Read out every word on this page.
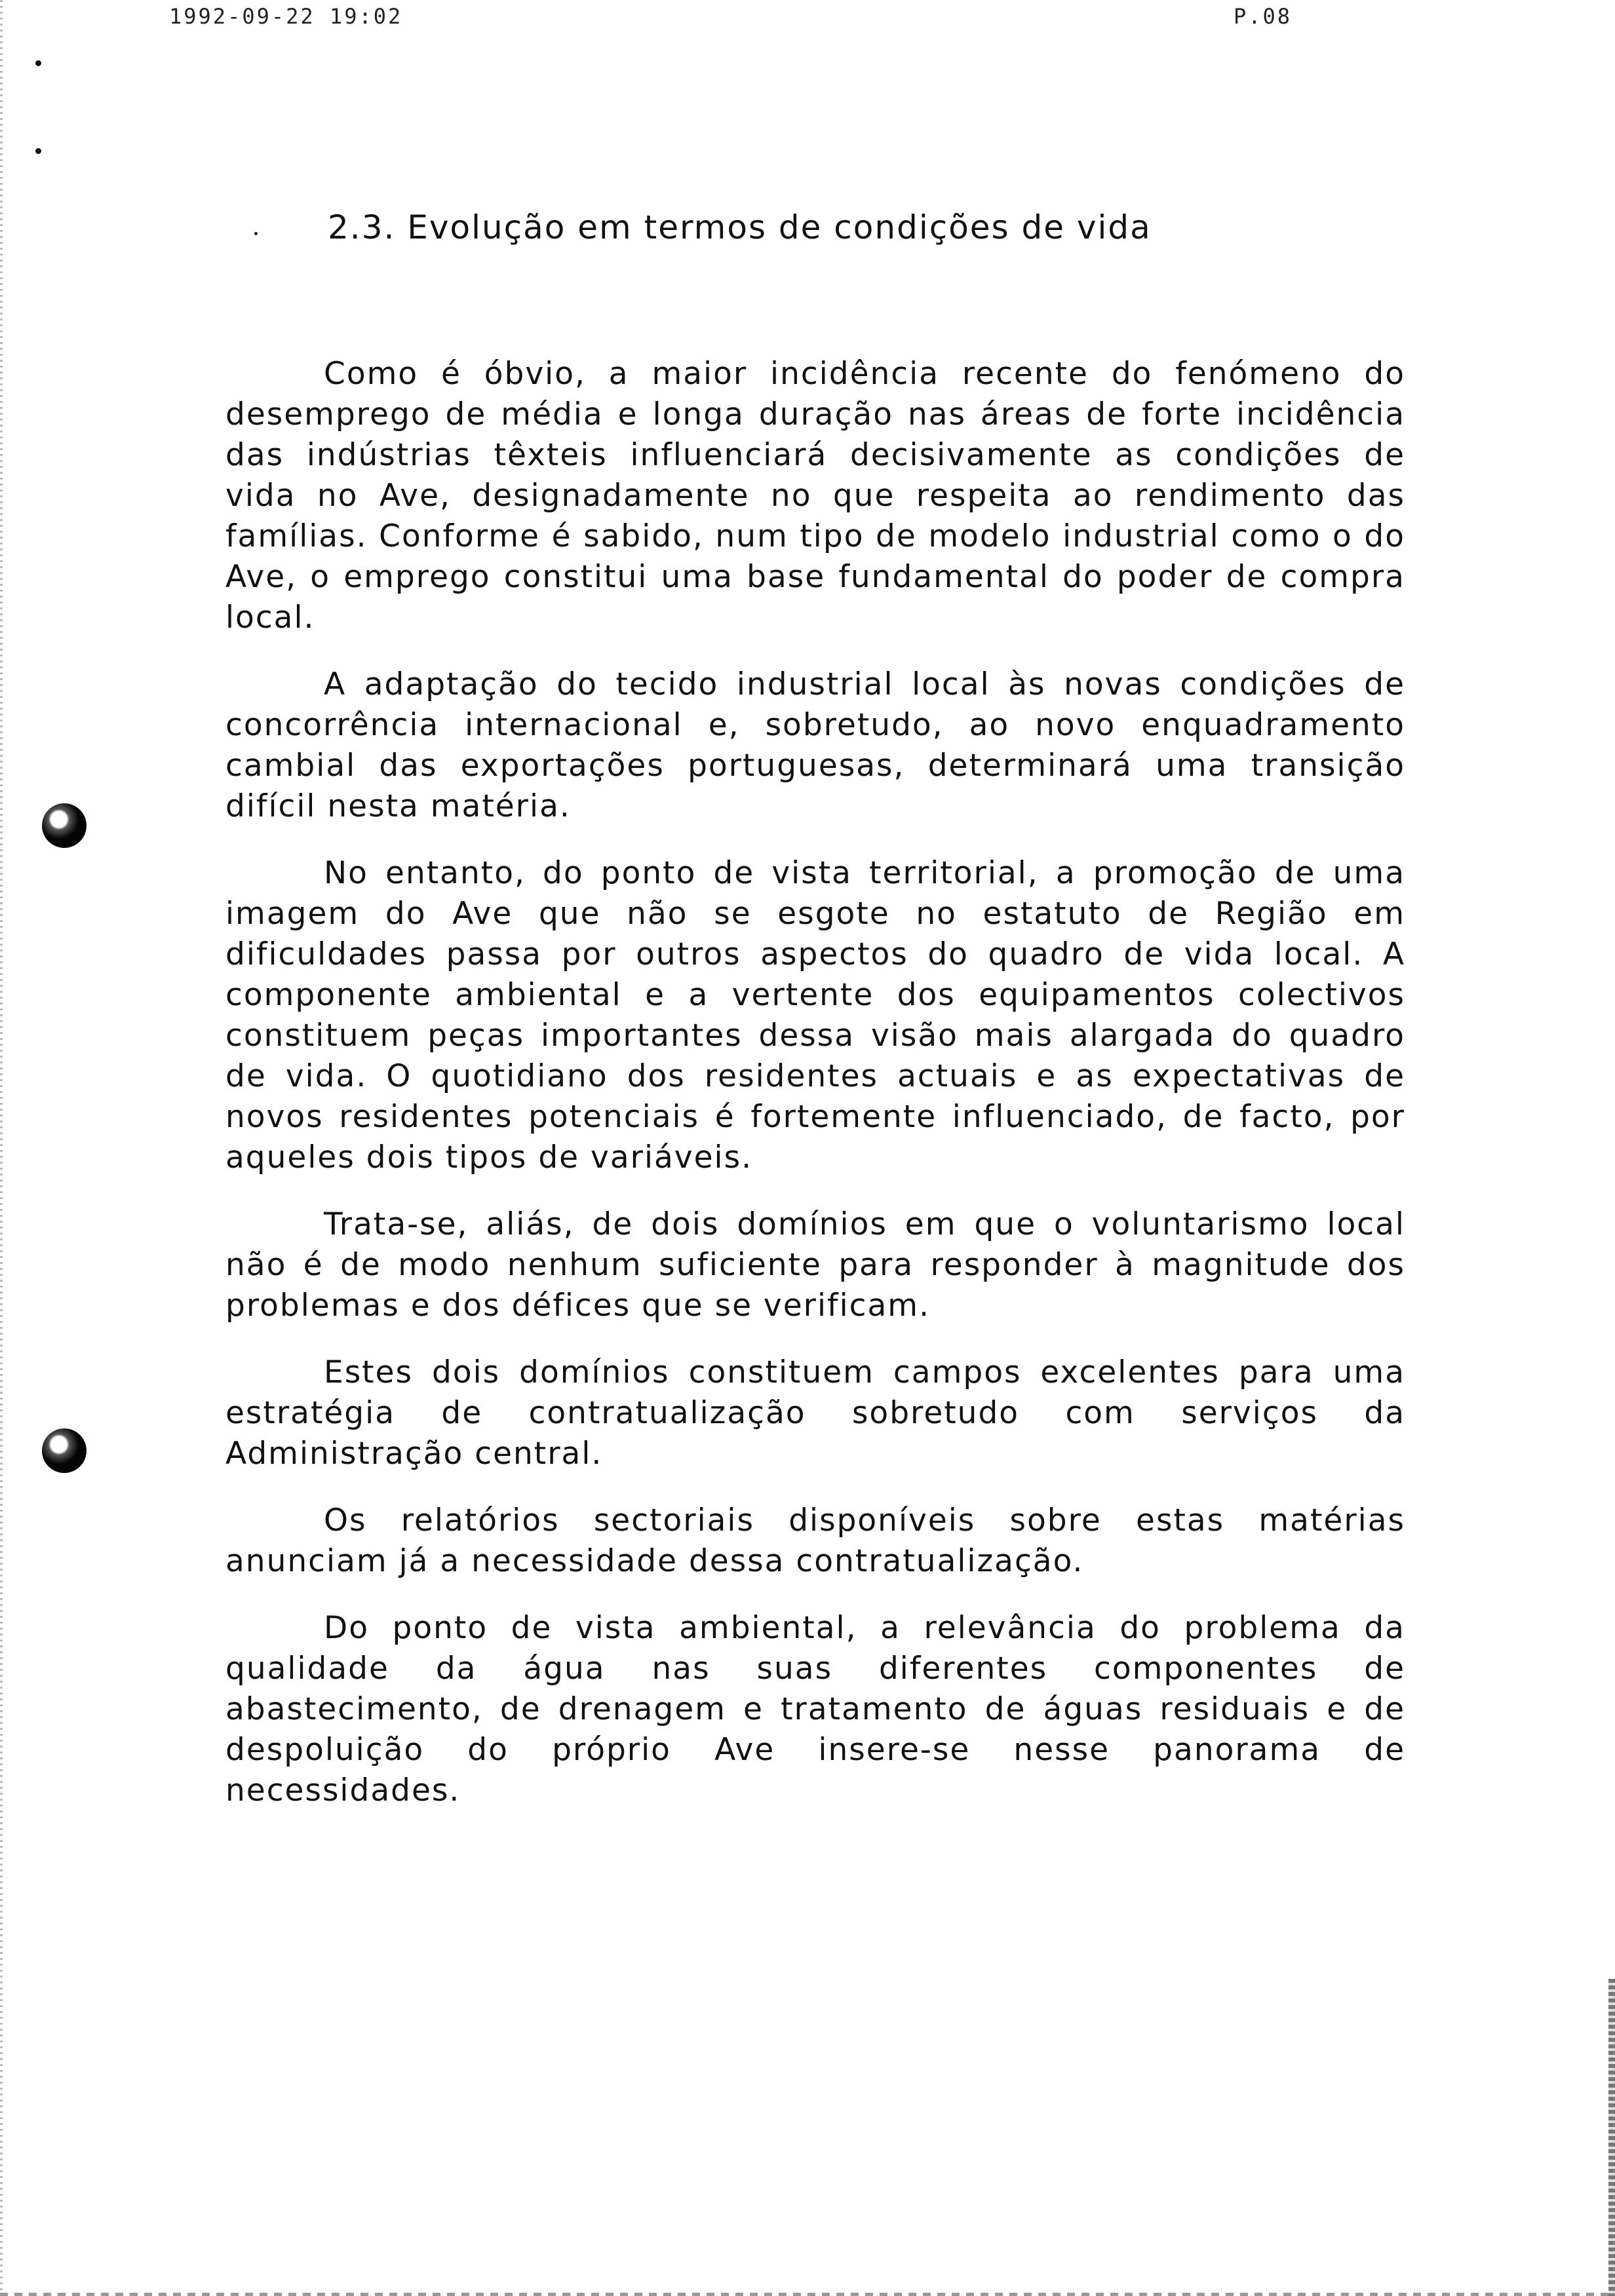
1992-09-22 19:02	P.08
2.3. Evolução em termos de condições de vida

Como é óbvio, a maior incidência recente do fenómeno do desemprego de média e longa duração nas áreas de forte incidência das indústrias têxteis influenciará decisivamente as condições de vida no Ave, designadamente no que respeita ao rendimento das famílias. Conforme é sabido, num tipo de modelo industrial como o do Ave, o emprego constitui uma base fundamental do poder de compra local.

A adaptação do tecido industrial local às novas condições de concorrência internacional e, sobretudo, ao novo enquadramento cambial das exportações portuguesas, determinará uma transição difícil nesta matéria.

No entanto, do ponto de vista territorial, a promoção de uma imagem do Ave que não se esgote no estatuto de Região em dificuldades passa por outros aspectos do quadro de vida local. A componente ambiental e a vertente dos equipamentos colectivos constituem peças importantes dessa visão mais alargada do quadro de vida. O quotidiano dos residentes actuais e as expectativas de novos residentes potenciais é fortemente influenciado, de facto, por aqueles dois tipos de variáveis.

Trata-se, aliás, de dois domínios em que o voluntarismo local não é de modo nenhum suficiente para responder à magnitude dos problemas e dos défices que se verificam.

Estes dois domínios constituem campos excelentes para uma estratégia de contratualização sobretudo com serviços da Administração central.

Os relatórios sectoriais disponíveis sobre estas matérias anunciam já a necessidade dessa contratualização.

Do ponto de vista ambiental, a relevância do problema da qualidade da água nas suas diferentes componentes de abastecimento, de drenagem e tratamento de águas residuais e de despoluição do próprio Ave insere-se nesse panorama de necessidades.
